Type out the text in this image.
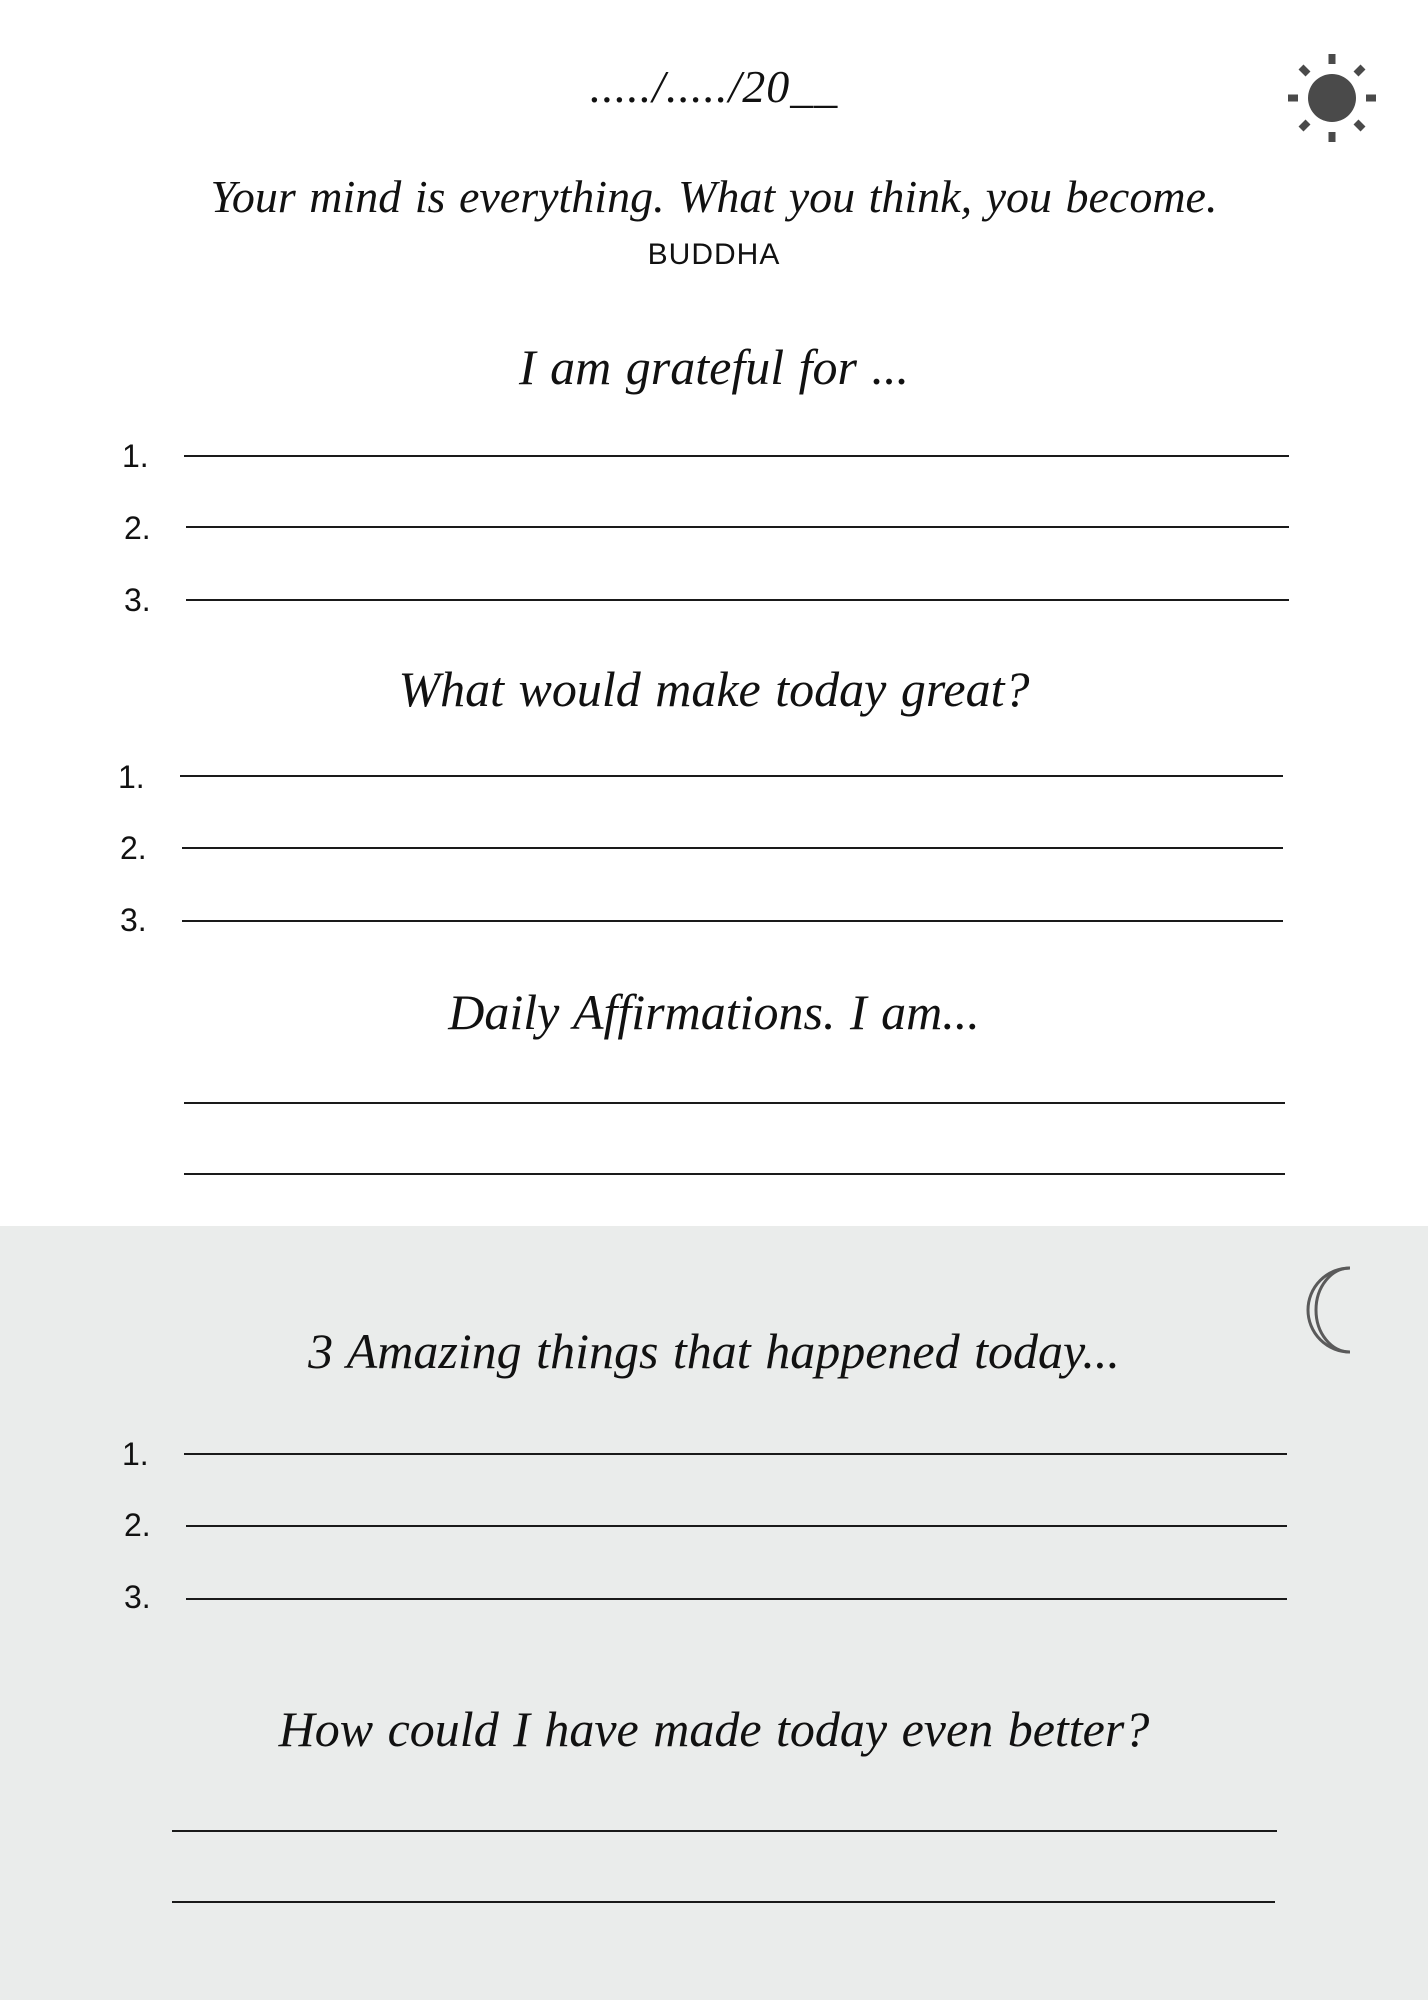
...../...../20__
Your mind is everything. What you think, you become.
BUDDHA
I am grateful for ...
1.
2.
3.
What would make today great?
1.
2.
3.
Daily Affirmations. I am...
3 Amazing things that happened today...
1.
2.
3.
How could I have made today even better?
